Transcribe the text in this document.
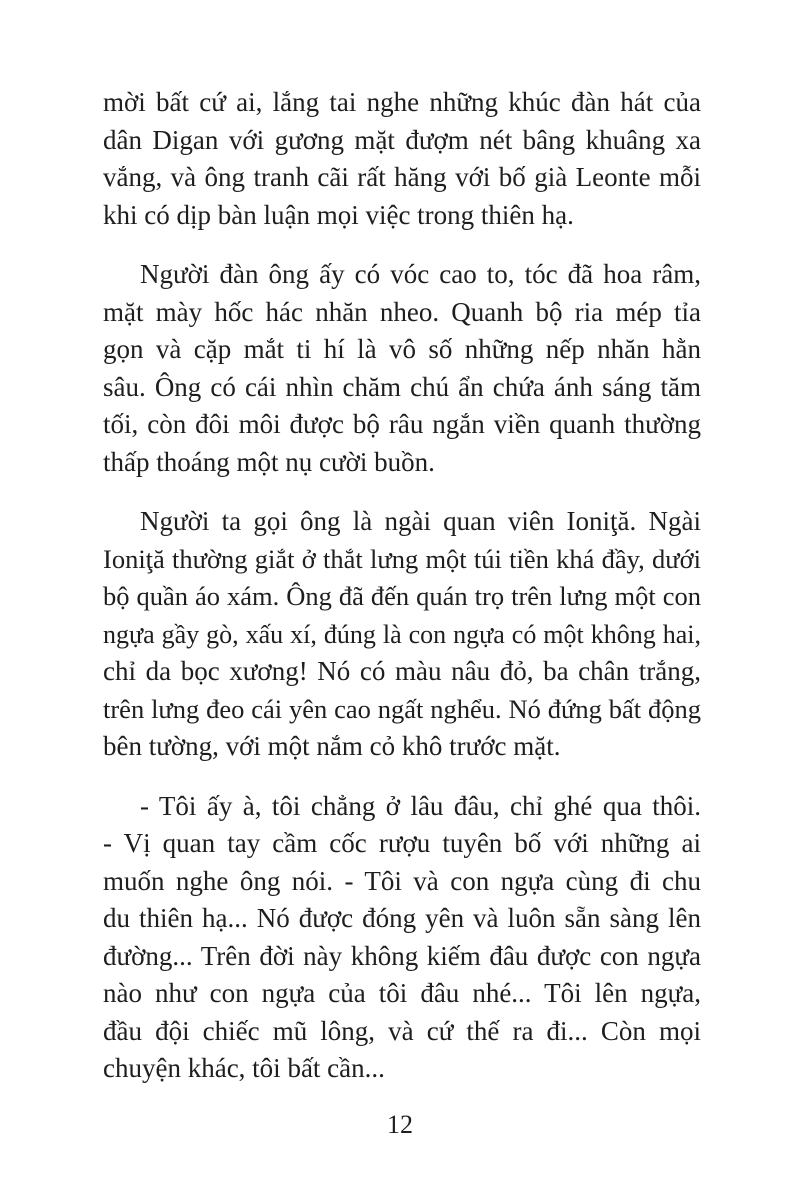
mời bất cứ ai, lắng tai nghe những khúc đàn hát của
dân Digan với gương mặt đượm nét bâng khuâng xa
vắng, và ông tranh cãi rất hăng với bố già Leonte mỗi
khi có dịp bàn luận mọi việc trong thiên hạ.
Người đàn ông ấy có vóc cao to, tóc đã hoa râm,
mặt mày hốc hác nhăn nheo. Quanh bộ ria mép tỉa
gọn và cặp mắt ti hí là vô số những nếp nhăn hằn
sâu. Ông có cái nhìn chăm chú ẩn chứa ánh sáng tăm
tối, còn đôi môi được bộ râu ngắn viền quanh thường
thấp thoáng một nụ cười buồn.
Người ta gọi ông là ngài quan viên Ioniţă. Ngài
Ioniţă thường giắt ở thắt lưng một túi tiền khá đầy, dưới
bộ quần áo xám. Ông đã đến quán trọ trên lưng một con
ngựa gầy gò, xấu xí, đúng là con ngựa có một không hai,
chỉ da bọc xương! Nó có màu nâu đỏ, ba chân trắng,
trên lưng đeo cái yên cao ngất nghểu. Nó đứng bất động
bên tường, với một nắm cỏ khô trước mặt.
- Tôi ấy à, tôi chẳng ở lâu đâu, chỉ ghé qua thôi.
- Vị quan tay cầm cốc rượu tuyên bố với những ai
muốn nghe ông nói. - Tôi và con ngựa cùng đi chu
du thiên hạ... Nó được đóng yên và luôn sẵn sàng lên
đường... Trên đời này không kiếm đâu được con ngựa
nào như con ngựa của tôi đâu nhé... Tôi lên ngựa,
đầu đội chiếc mũ lông, và cứ thế ra đi... Còn mọi
chuyện khác, tôi bất cần...
12
